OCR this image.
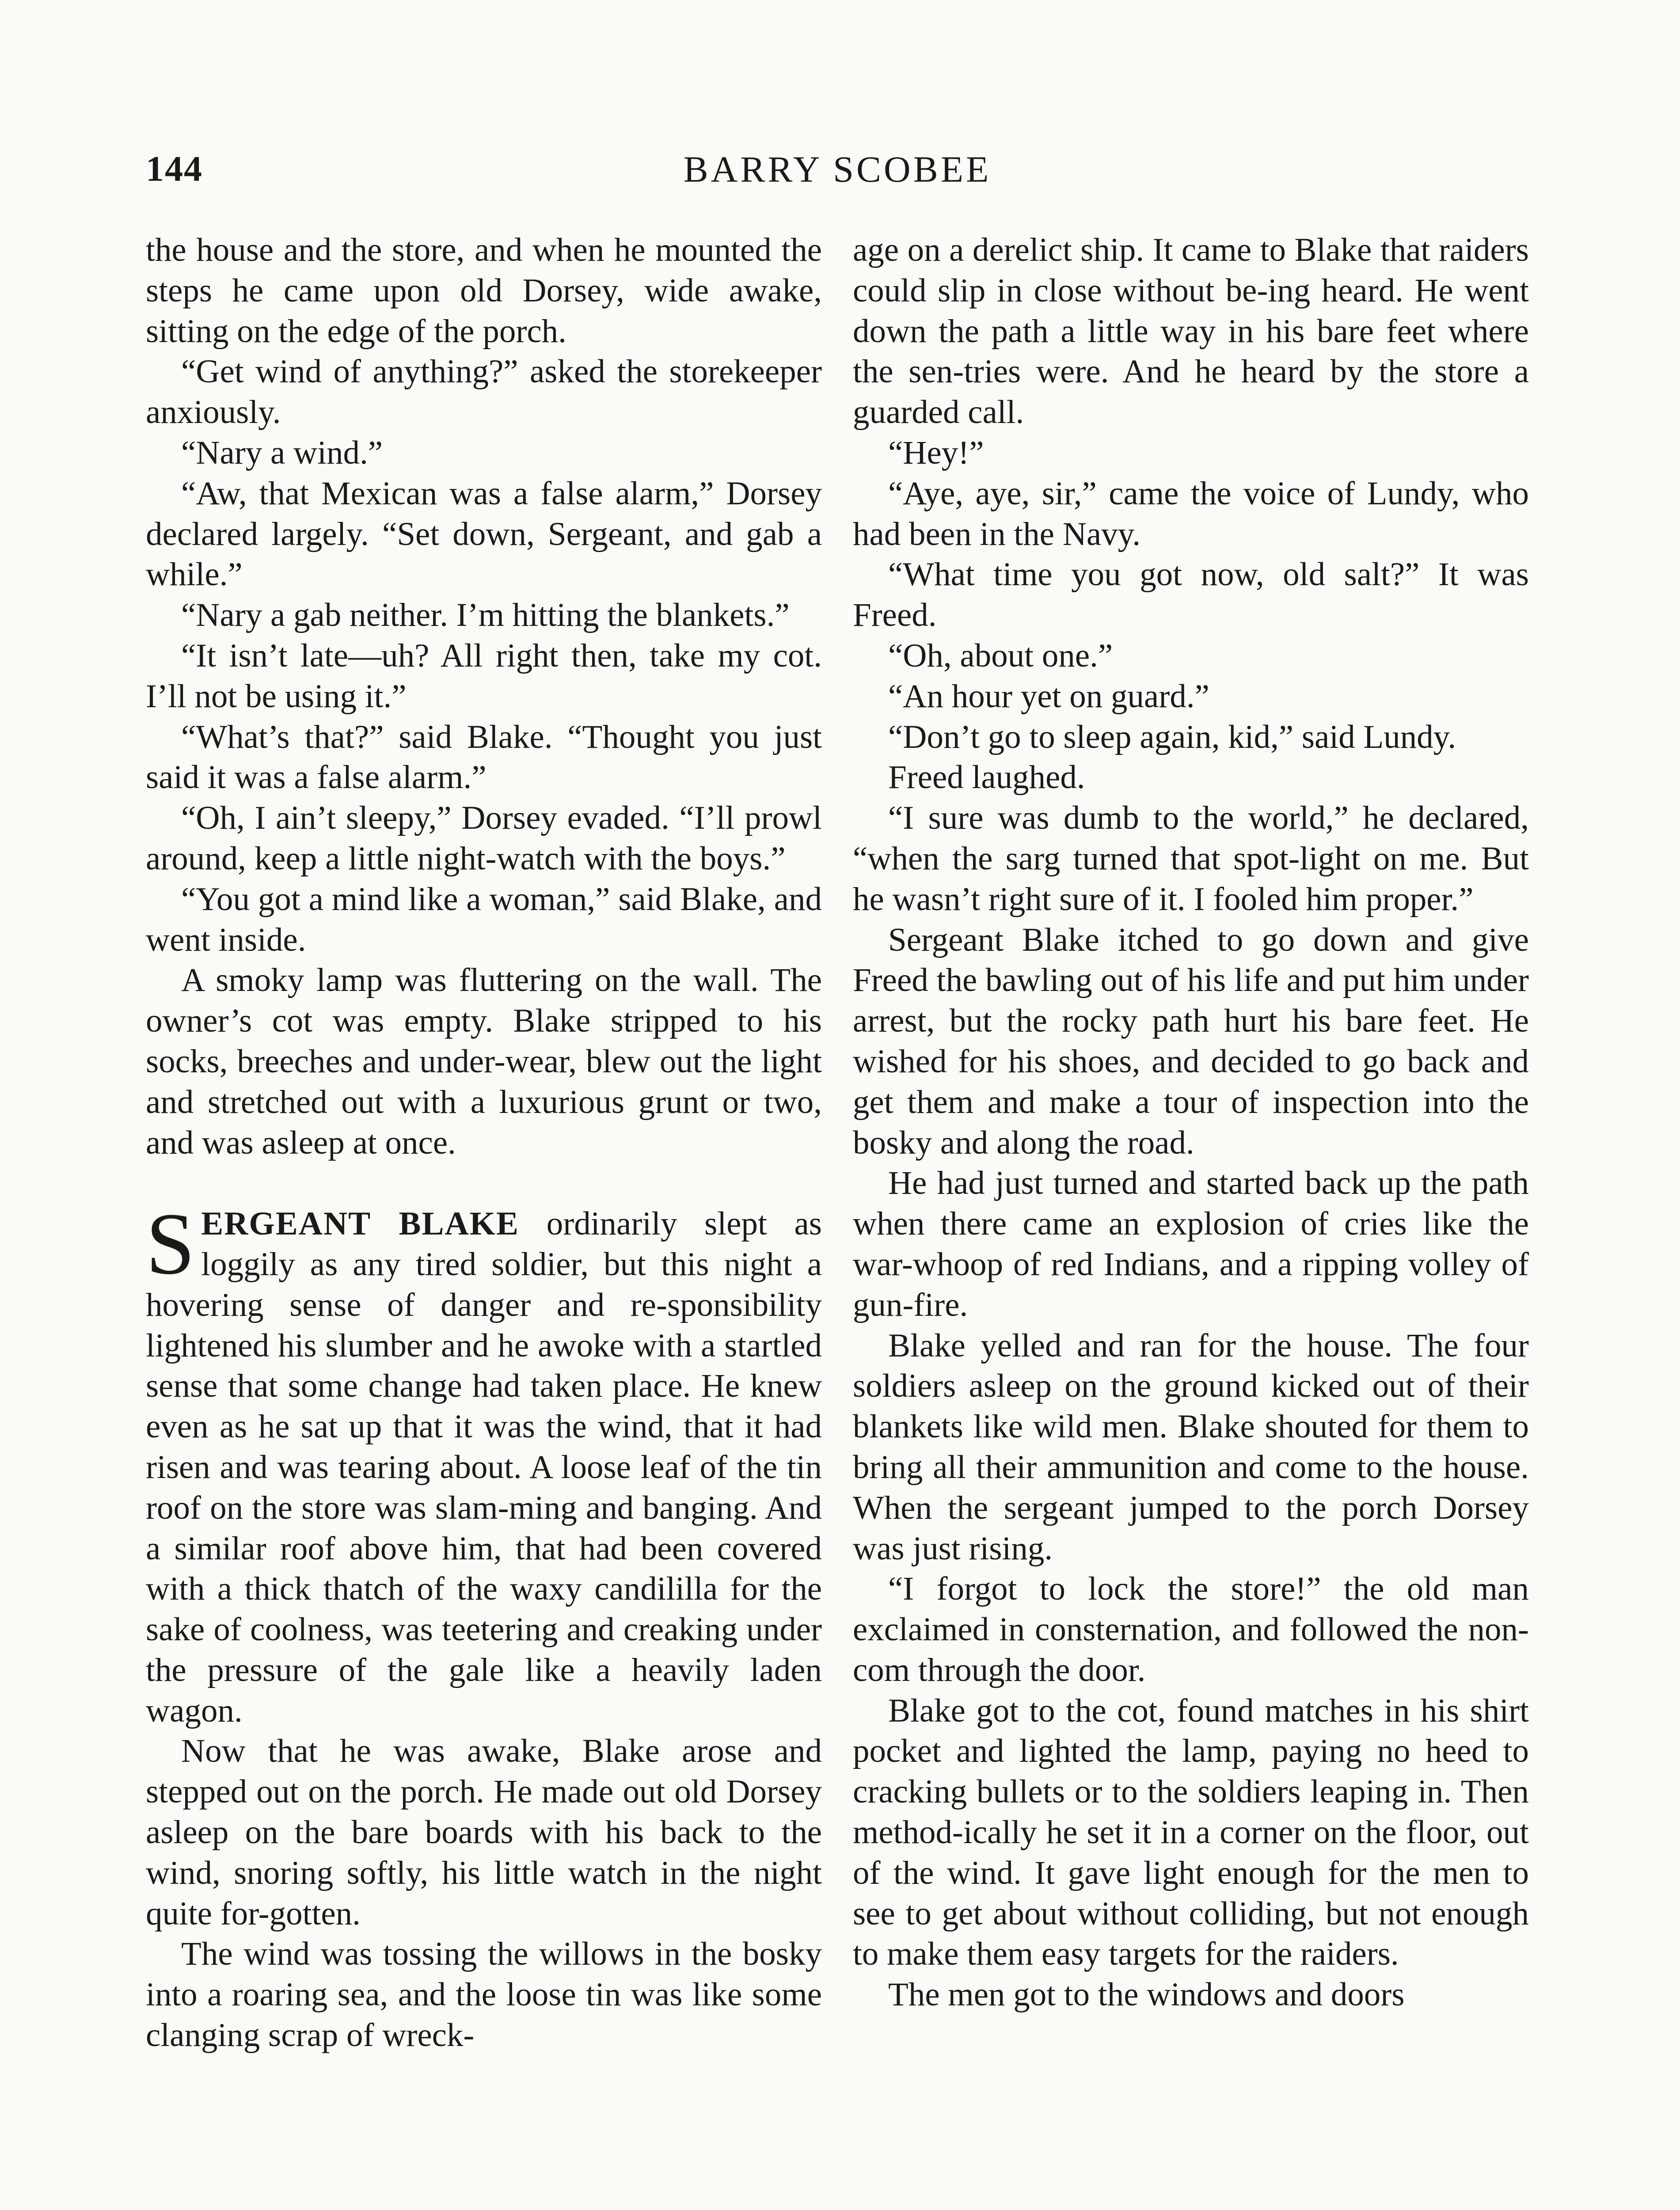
144	BARRY SCOBEE

the house and the store, and when he mounted the steps he came upon old Dorsey, wide awake, sitting on the edge of the porch.

“Get wind of anything?” asked the storekeeper anxiously.

“Nary a wind.”

“Aw, that Mexican was a false alarm,” Dorsey declared largely. “Set down, Sergeant, and gab a while.”

“Nary a gab neither. I’m hitting the blankets.”

“It isn’t late—uh? All right then, take my cot. I’ll not be using it.”

“What’s that?” said Blake. “Thought you just said it was a false alarm.”

“Oh, I ain’t sleepy,” Dorsey evaded. “I’ll prowl around, keep a little night-watch with the boys.”

“You got a mind like a woman,” said Blake, and went inside.

A smoky lamp was fluttering on the wall. The owner’s cot was empty. Blake stripped to his socks, breeches and under-wear, blew out the light and stretched out with a luxurious grunt or two, and was asleep at once.

SERGEANT BLAKE ordinarily slept as loggily as any tired soldier, but this night a hovering sense of danger and re-sponsibility lightened his slumber and he awoke with a startled sense that some change had taken place. He knew even as he sat up that it was the wind, that it had risen and was tearing about. A loose leaf of the tin roof on the store was slam-ming and banging. And a similar roof above him, that had been covered with a thick thatch of the waxy candililla for the sake of coolness, was teetering and creaking under the pressure of the gale like a heavily laden wagon.

Now that he was awake, Blake arose and stepped out on the porch. He made out old Dorsey asleep on the bare boards with his back to the wind, snoring softly, his little watch in the night quite for-gotten.

The wind was tossing the willows in the bosky into a roaring sea, and the loose tin was like some clanging scrap of wreck-

age on a derelict ship. It came to Blake that raiders could slip in close without be-ing heard. He went down the path a little way in his bare feet where the sen-tries were. And he heard by the store a guarded call.

“Hey!”

“Aye, aye, sir,” came the voice of Lundy, who had been in the Navy.

“What time you got now, old salt?” It was Freed.

“Oh, about one.”

“An hour yet on guard.”

“Don’t go to sleep again, kid,” said Lundy.

Freed laughed.

“I sure was dumb to the world,” he declared, “when the sarg turned that spot-light on me. But he wasn’t right sure of it. I fooled him proper.”

Sergeant Blake itched to go down and give Freed the bawling out of his life and put him under arrest, but the rocky path hurt his bare feet. He wished for his shoes, and decided to go back and get them and make a tour of inspection into the bosky and along the road.

He had just turned and started back up the path when there came an explosion of cries like the war-whoop of red Indians, and a ripping volley of gun-fire.

Blake yelled and ran for the house. The four soldiers asleep on the ground kicked out of their blankets like wild men. Blake shouted for them to bring all their ammunition and come to the house. When the sergeant jumped to the porch Dorsey was just rising.

“I forgot to lock the store!” the old man exclaimed in consternation, and followed the non-com through the door.

Blake got to the cot, found matches in his shirt pocket and lighted the lamp, paying no heed to cracking bullets or to the soldiers leaping in. Then method-ically he set it in a corner on the floor, out of the wind. It gave light enough for the men to see to get about without colliding, but not enough to make them easy targets for the raiders.

The men got to the windows and doors
